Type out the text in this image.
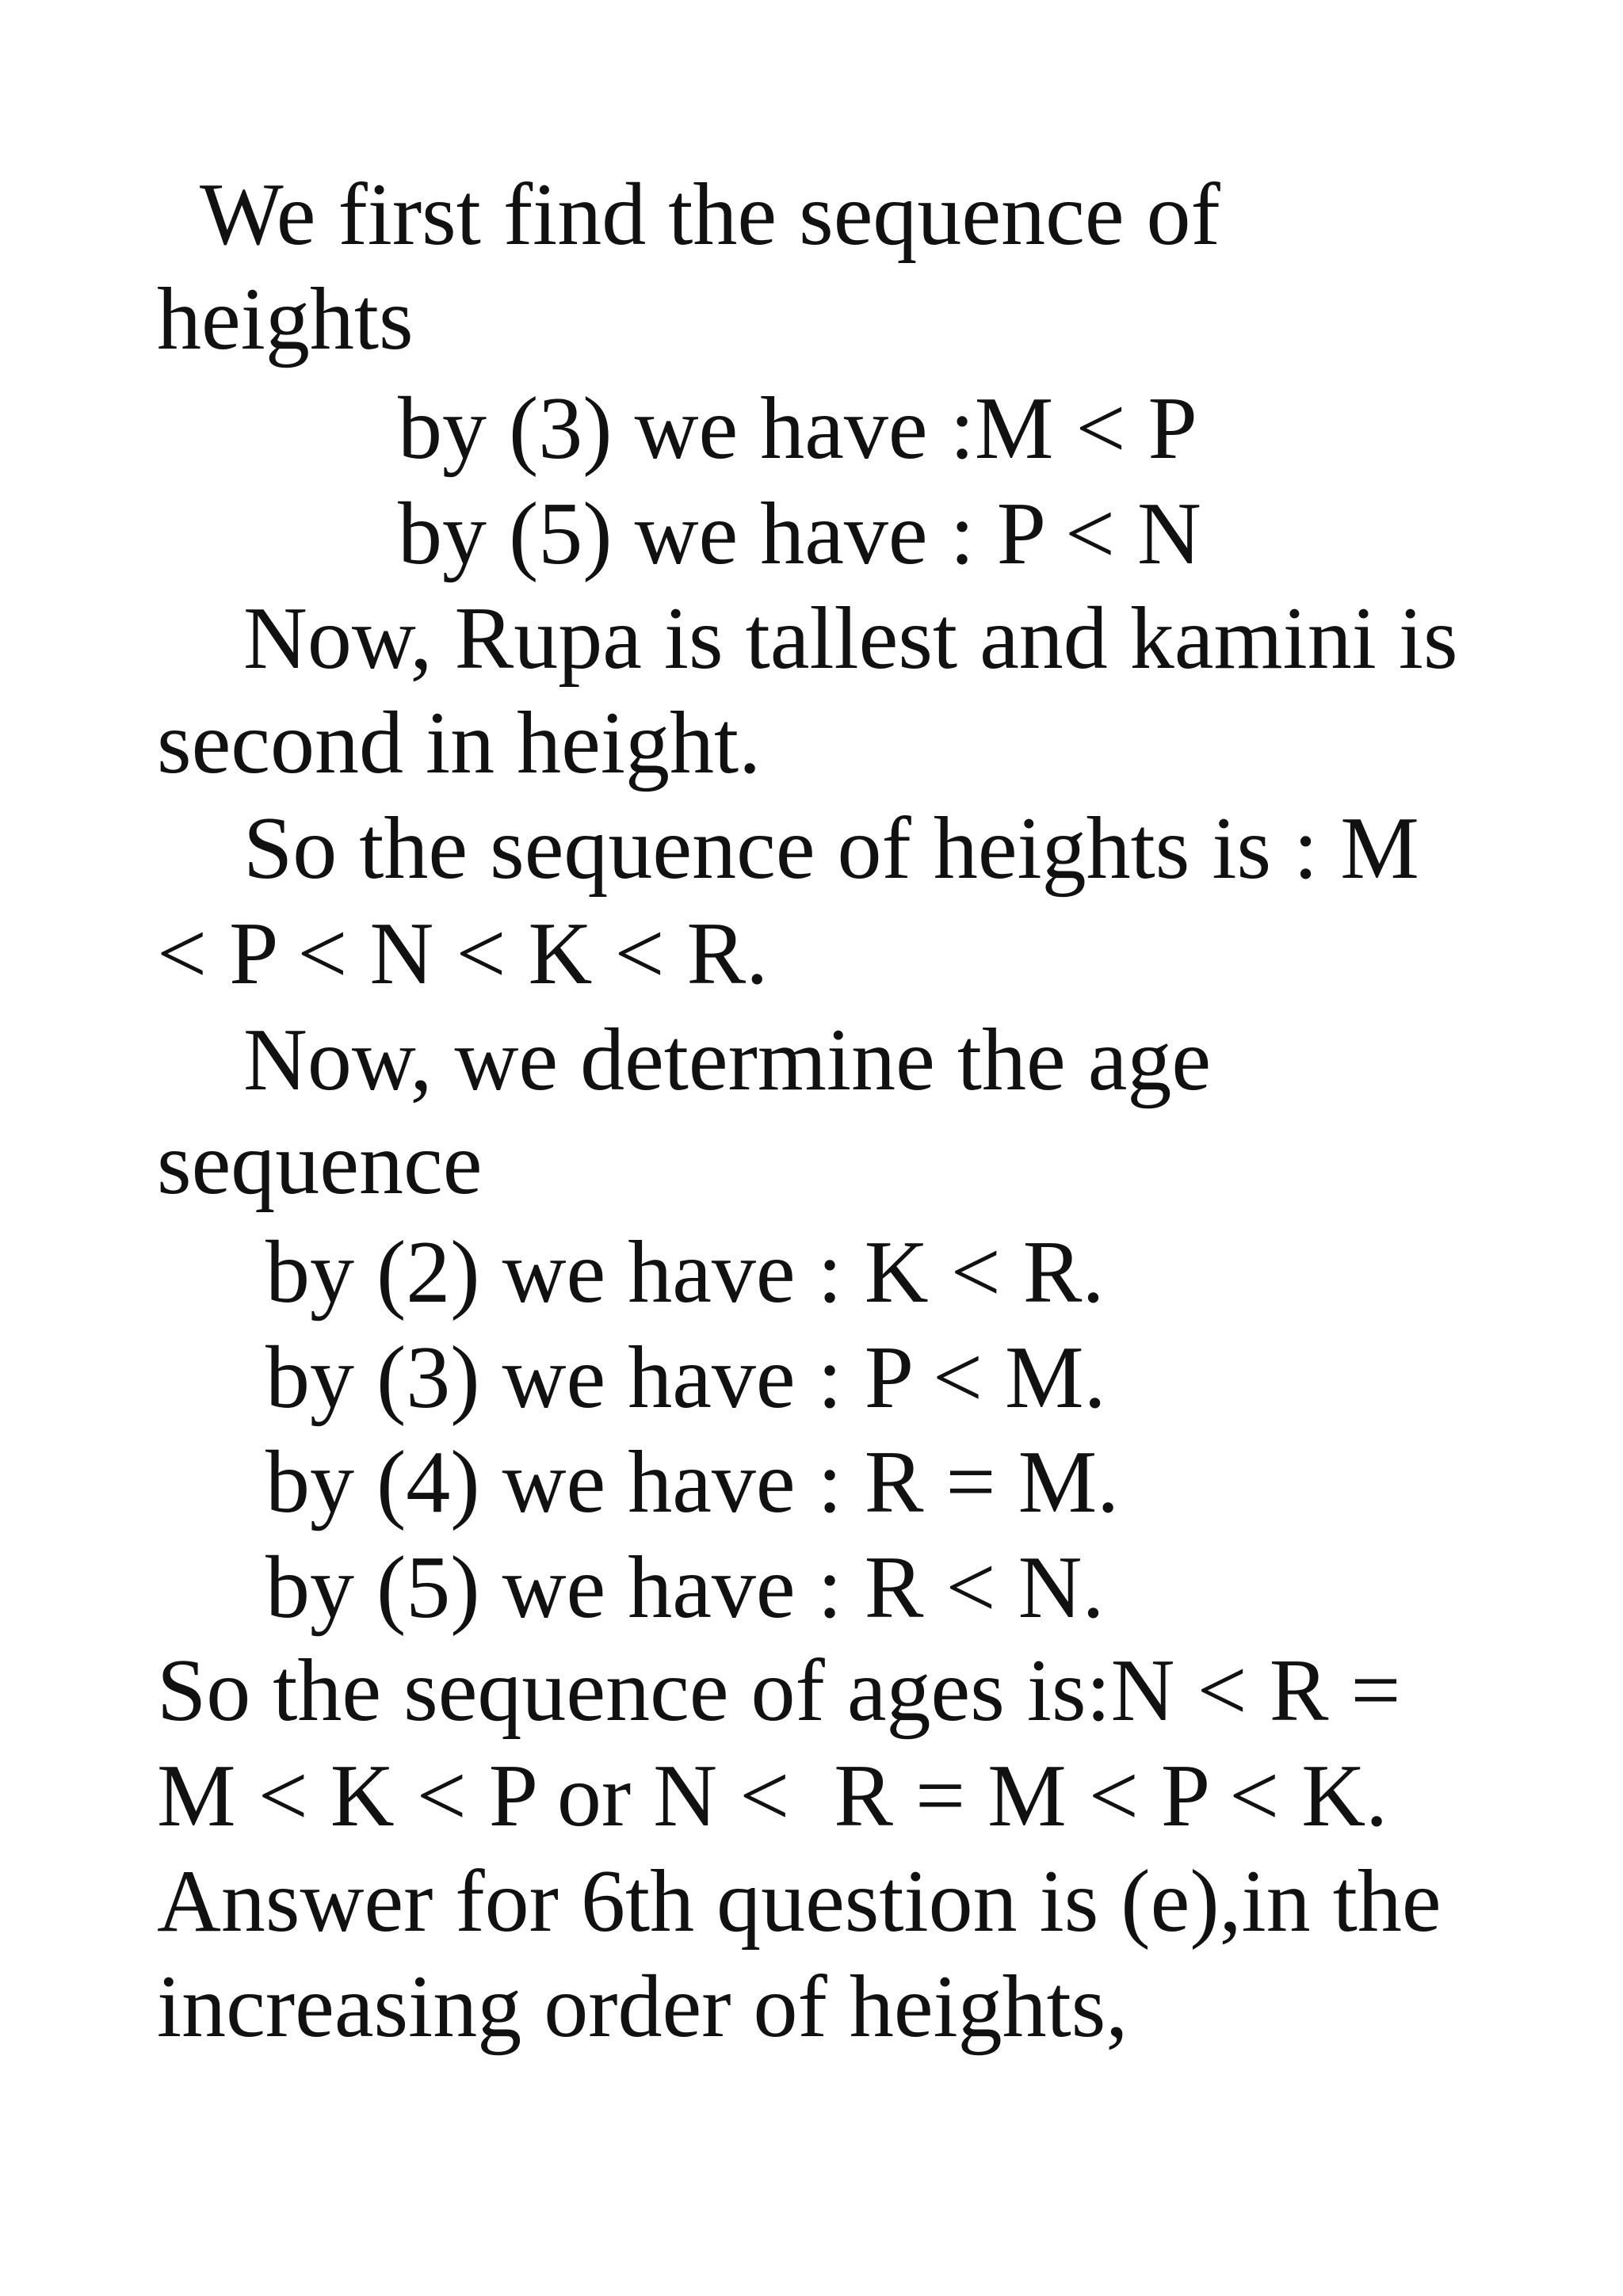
We first find the sequence of
heights
by (3) we have :M < P
by (5) we have : P < N
Now, Rupa is tallest and kamini is
second in height.
So the sequence of heights is : M
< P < N < K < R.
Now, we determine the age
sequence
by (2) we have : K < R.
by (3) we have : P < M.
by (4) we have : R = M.
by (5) we have : R < N.
So the sequence of ages is:N < R =
M < K < P or N <  R = M < P < K.
Answer for 6th question is (e),in the
increasing order of heights,
